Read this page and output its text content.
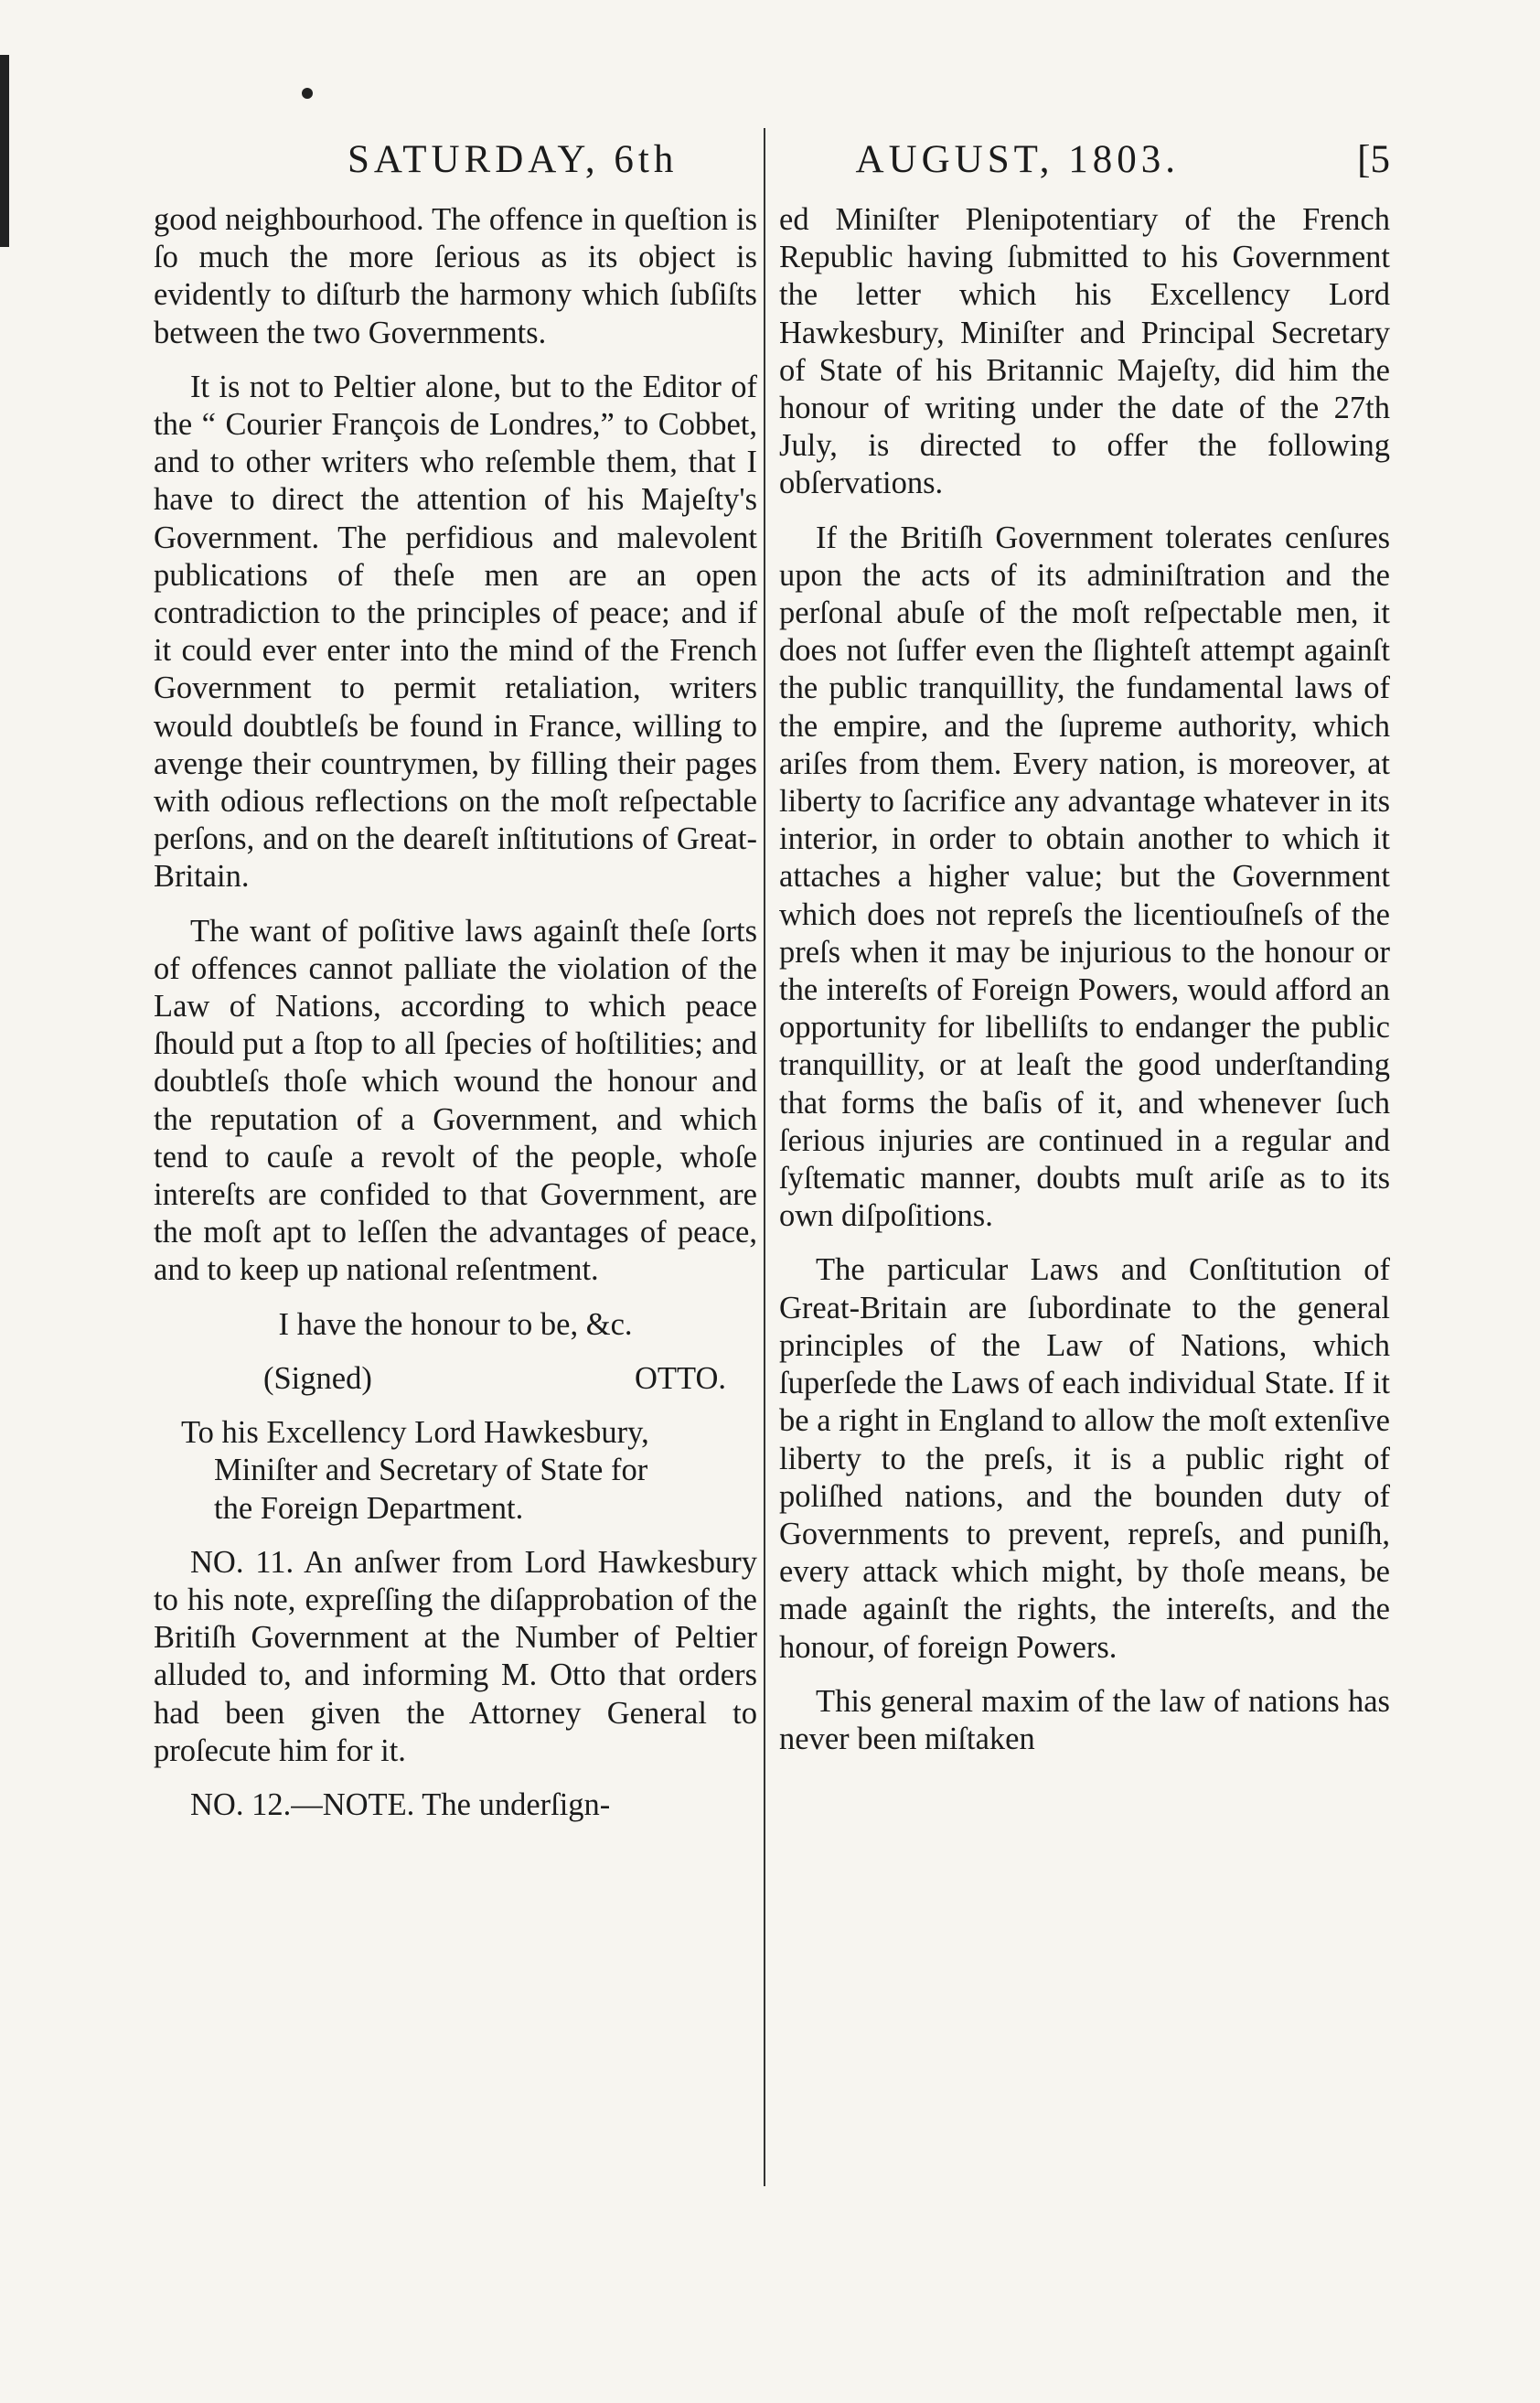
SATURDAY, 6th	AUGUST, 1803.	[5

good neighbourhood. The offence in queſtion is ſo much the more ſerious as its object is evidently to diſturb the harmony which ſubſiſts between the two Governments.

It is not to Peltier alone, but to the Editor of the “ Courier François de Londres,” to Cobbet, and to other writers who reſemble them, that I have to direct the attention of his Majeſty's Government. The perfidious and malevolent publications of theſe men are an open contradiction to the principles of peace; and if it could ever enter into the mind of the French Government to permit retaliation, writers would doubtleſs be found in France, willing to avenge their countrymen, by filling their pages with odious reflections on the moſt reſpectable perſons, and on the deareſt inſtitutions of Great-Britain.

The want of poſitive laws againſt theſe ſorts of offences cannot palliate the violation of the Law of Nations, according to which peace ſhould put a ſtop to all ſpecies of hoſtilities; and doubtleſs thoſe which wound the honour and the reputation of a Government, and which tend to cauſe a revolt of the people, whoſe intereſts are confided to that Government, are the moſt apt to leſſen the advantages of peace, and to keep up national reſentment.

I have the honour to be, &c.

(Signed)	OTTO.

To his Excellency Lord Hawkesbury,
Miniſter and Secretary of State for
the Foreign Department.

NO. 11. An anſwer from Lord Hawkesbury to his note, expreſſing the diſapprobation of the Britiſh Government at the Number of Peltier alluded to, and informing M. Otto that orders had been given the Attorney General to proſecute him for it.

NO. 12.—NOTE. The underſign-

ed Miniſter Plenipotentiary of the French Republic having ſubmitted to his Government the letter which his Excellency Lord Hawkesbury, Miniſter and Principal Secretary of State of his Britannic Majeſty, did him the honour of writing under the date of the 27th July, is directed to offer the following obſervations.

If the Britiſh Government tolerates cenſures upon the acts of its adminiſtration and the perſonal abuſe of the moſt reſpectable men, it does not ſuffer even the ſlighteſt attempt againſt the public tranquillity, the fundamental laws of the empire, and the ſupreme authority, which ariſes from them. Every nation, is moreover, at liberty to ſacrifice any advantage whatever in its interior, in order to obtain another to which it attaches a higher value; but the Government which does not repreſs the licentiouſneſs of the preſs when it may be injurious to the honour or the intereſts of Foreign Powers, would afford an opportunity for libelliſts to endanger the public tranquillity, or at leaſt the good underſtanding that forms the baſis of it, and whenever ſuch ſerious injuries are continued in a regular and ſyſtematic manner, doubts muſt ariſe as to its own diſpoſitions.

The particular Laws and Conſtitution of Great-Britain are ſubordinate to the general principles of the Law of Nations, which ſuperſede the Laws of each individual State. If it be a right in England to allow the moſt extenſive liberty to the preſs, it is a public right of poliſhed nations, and the bounden duty of Governments to prevent, repreſs, and puniſh, every attack which might, by thoſe means, be made againſt the rights, the intereſts, and the honour, of foreign Powers.

This general maxim of the law of nations has never been miſtaken
